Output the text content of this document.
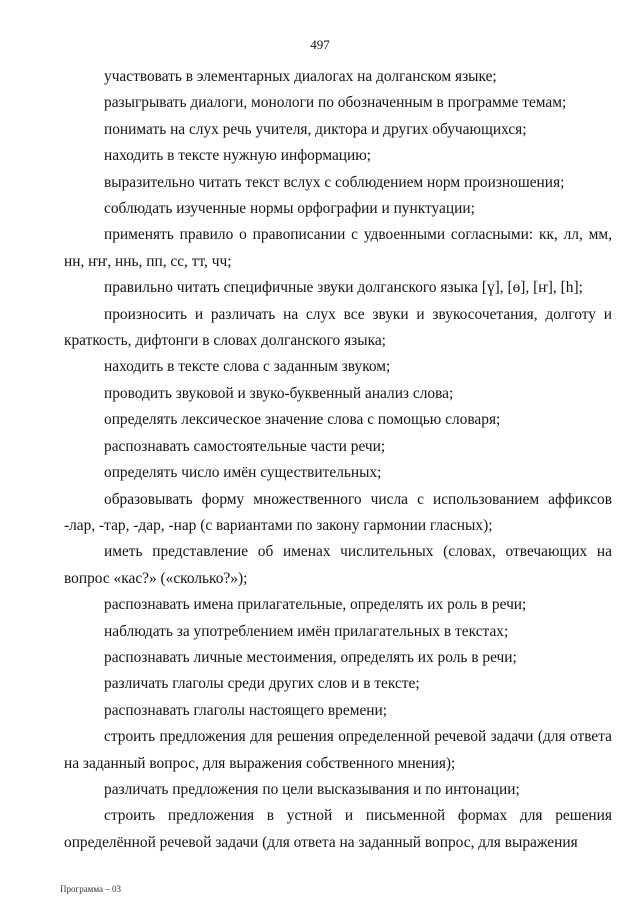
497

участвовать в элементарных диалогах на долганском языке;

разыгрывать диалоги, монологи по обозначенным в программе темам;

понимать на слух речь учителя, диктора и других обучающихся;

находить в тексте нужную информацию;

выразительно читать текст вслух с соблюдением норм произношения;

соблюдать изученные нормы орфографии и пунктуации;

применять правило о правописании с удвоенными согласными: кк, лл, мм, нн, ҥҥ, ннь, пп, сс, тт, чч;

правильно читать специфичные звуки долганского языка [ү], [ө], [ҥ], [h];

произносить и различать на слух все звуки и звукосочетания, долготу и краткость, дифтонги в словах долганского языка;

находить в тексте слова с заданным звуком;

проводить звуковой и звуко-буквенный анализ слова;

определять лексическое значение слова с помощью словаря;

распознавать самостоятельные части речи;

определять число имён существительных;

образовывать форму множественного числа с использованием аффиксов -лар, -тар, -дар, -нар (с вариантами по закону гармонии гласных);

иметь представление об именах числительных (словах, отвечающих на вопрос «кас?» («сколько?»);

распознавать имена прилагательные, определять их роль в речи;

наблюдать за употреблением имён прилагательных в текстах;

распознавать личные местоимения, определять их роль в речи;

различать глаголы среди других слов и в тексте;

распознавать глаголы настоящего времени;

строить предложения для решения определенной речевой задачи (для ответа на заданный вопрос, для выражения собственного мнения);

различать предложения по цели высказывания и по интонации;

строить предложения в устной и письменной формах для решения определённой речевой задачи (для ответа на заданный вопрос, для выражения

Программа – 03
